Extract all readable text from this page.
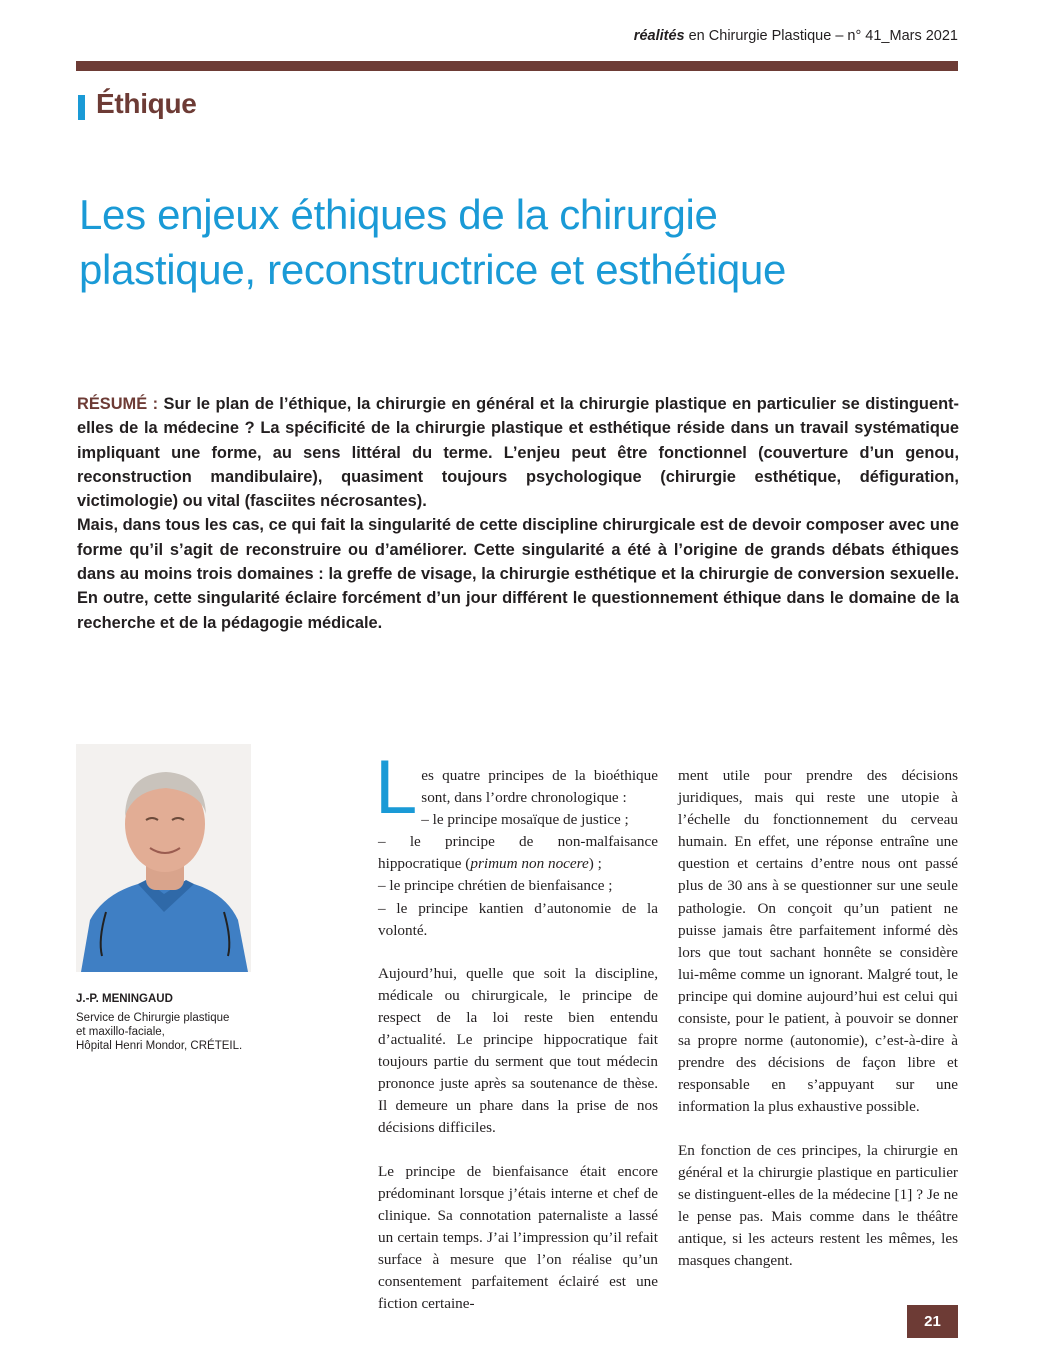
réalités en Chirurgie Plastique – n° 41_Mars 2021
Éthique
Les enjeux éthiques de la chirurgie
plastique, reconstructrice et esthétique

RÉSUMÉ : Sur le plan de l’éthique, la chirurgie en général et la chirurgie plastique en particulier se distinguent-elles de la médecine ? La spécificité de la chirurgie plastique et esthétique réside dans un travail systématique impliquant une forme, au sens littéral du terme. L’enjeu peut être fonctionnel (couverture d’un genou, reconstruction mandibulaire), quasiment toujours psychologique (chirurgie esthétique, défiguration, victimologie) ou vital (fasciites nécrosantes).

Mais, dans tous les cas, ce qui fait la singularité de cette discipline chirurgicale est de devoir composer avec une forme qu’il s’agit de reconstruire ou d’améliorer. Cette singularité a été à l’origine de grands débats éthiques dans au moins trois domaines : la greffe de visage, la chirurgie esthétique et la chirurgie de conversion sexuelle. En outre, cette singularité éclaire forcément d’un jour différent le questionnement éthique dans le domaine de la recherche et de la pédagogie médicale.

J.-P. MENINGAUD
Service de Chirurgie plastique
et maxillo-faciale,
Hôpital Henri Mondor, CRÉTEIL.

Les quatre principes de la bioéthique sont, dans l’ordre chronologique :

– le principe mosaïque de justice ;

– le principe de non-malfaisance hippocratique (primum non nocere) ;

– le principe chrétien de bienfaisance ;

– le principe kantien d’autonomie de la volonté.

Aujourd’hui, quelle que soit la discipline, médicale ou chirurgicale, le principe de respect de la loi reste bien entendu d’actualité. Le principe hippocratique fait toujours partie du serment que tout médecin prononce juste après sa soutenance de thèse. Il demeure un phare dans la prise de nos décisions difficiles.

Le principe de bienfaisance était encore prédominant lorsque j’étais interne et chef de clinique. Sa connotation paternaliste a lassé un certain temps. J’ai l’impression qu’il refait surface à mesure que l’on réalise qu’un consentement parfaitement éclairé est une fiction certaine-

ment utile pour prendre des décisions juridiques, mais qui reste une utopie à l’échelle du fonctionnement du cerveau humain. En effet, une réponse entraîne une question et certains d’entre nous ont passé plus de 30 ans à se questionner sur une seule pathologie. On conçoit qu’un patient ne puisse jamais être parfaitement informé dès lors que tout sachant honnête se considère lui-même comme un ignorant. Malgré tout, le principe qui domine aujourd’hui est celui qui consiste, pour le patient, à pouvoir se donner sa propre norme (autonomie), c’est-à-dire à prendre des décisions de façon libre et responsable en s’appuyant sur une information la plus exhaustive possible.

En fonction de ces principes, la chirurgie en général et la chirurgie plastique en particulier se distinguent-elles de la médecine [1] ? Je ne le pense pas. Mais comme dans le théâtre antique, si les acteurs restent les mêmes, les masques changent.

21
